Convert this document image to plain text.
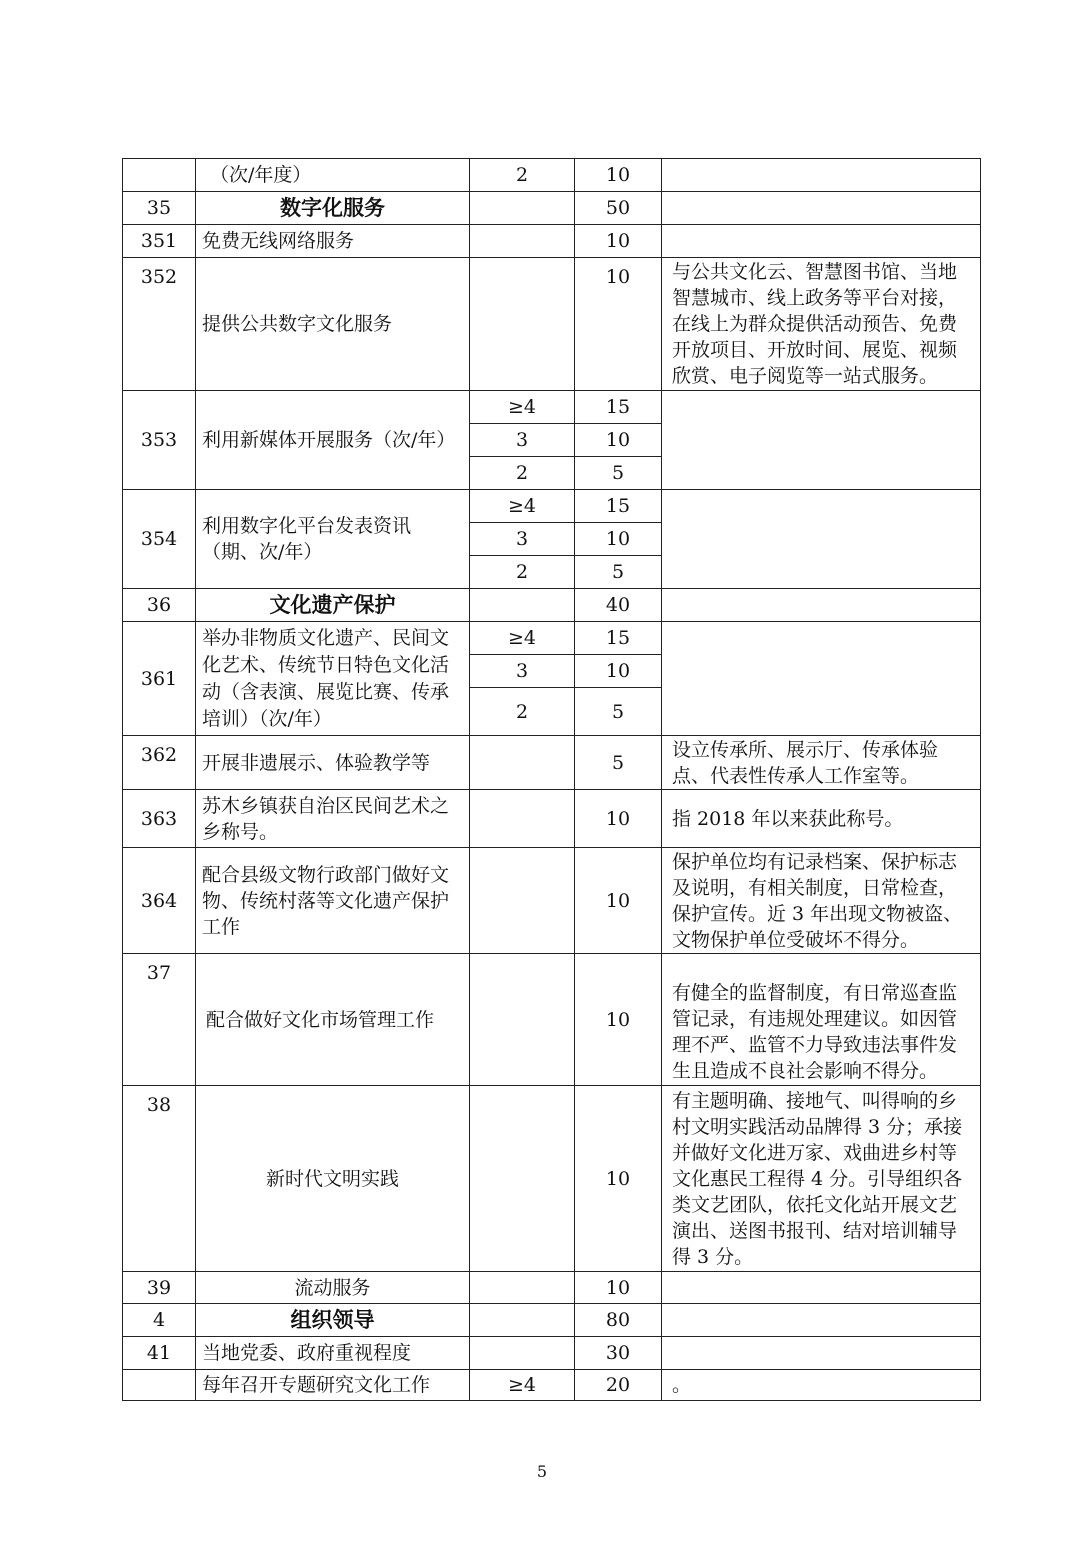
	（次/年度）	2	10	
35	数字化服务		50	
351	免费无线网络服务		10	
352	提供公共数字文化服务		10	与公共文化云、智慧图书馆、当地智慧城市、线上政务等平台对接，在线上为群众提供活动预告、免费开放项目、开放时间、展览、视频欣赏、电子阅览等一站式服务。
353	利用新媒体开展服务（次/年）	≥4	15	
		3	10	
		2	5	
354	利用数字化平台发表资讯（期、次/年）	≥4	15	
		3	10	
		2	5	
36	文化遗产保护		40	
361	举办非物质文化遗产、民间文化艺术、传统节日特色文化活动（含表演、展览比赛、传承培训）（次/年）	≥4	15	
		3	10	
		2	5	
362	开展非遗展示、体验教学等		5	设立传承所、展示厅、传承体验点、代表性传承人工作室等。
363	苏木乡镇获自治区民间艺术之乡称号。		10	指 2018 年以来获此称号。
364	配合县级文物行政部门做好文物、传统村落等文化遗产保护工作		10	保护单位均有记录档案、保护标志及说明，有相关制度，日常检查，保护宣传。近 3 年出现文物被盗、文物保护单位受破坏不得分。
37	配合做好文化市场管理工作		10	有健全的监督制度，有日常巡查监管记录，有违规处理建议。如因管理不严、监管不力导致违法事件发生且造成不良社会影响不得分。
38	新时代文明实践		10	有主题明确、接地气、叫得响的乡村文明实践活动品牌得 3 分；承接并做好文化进万家、戏曲进乡村等文化惠民工程得 4 分。引导组织各类文艺团队，依托文化站开展文艺演出、送图书报刊、结对培训辅导得 3 分。
39	流动服务		10	
4	组织领导		80	
41	当地党委、政府重视程度		30	
	每年召开专题研究文化工作	≥4	20	。
5
